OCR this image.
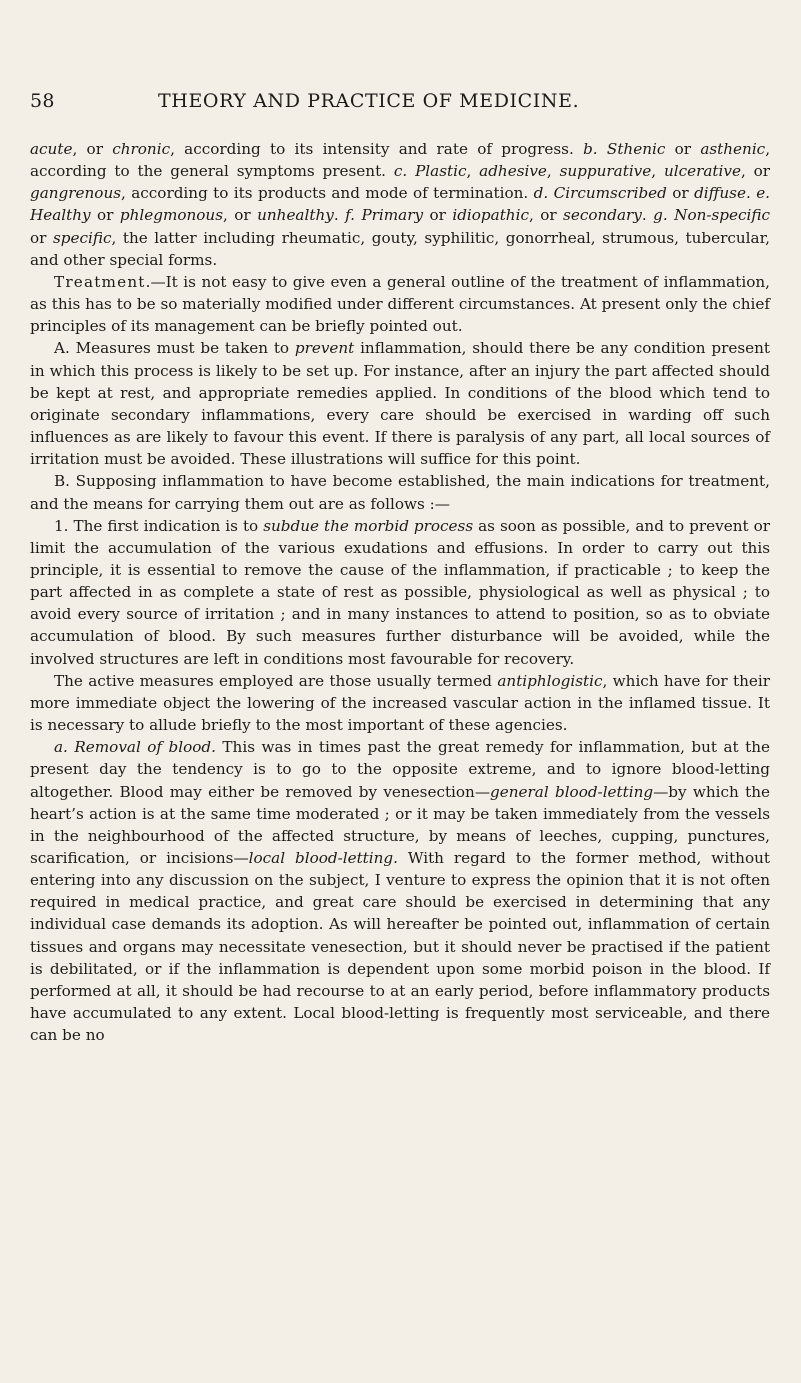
58	THEORY AND PRACTICE OF MEDICINE.

acute, or chronic, according to its intensity and rate of progress. b. Sthenic or asthenic, according to the general symptoms present. c. Plastic, adhesive, suppurative, ulcerative, or gangrenous, according to its products and mode of termination. d. Circumscribed or diffuse. e. Healthy or phlegmonous, or unhealthy. f. Primary or idiopathic, or secondary. g. Non-specific or specific, the latter including rheumatic, gouty, syphilitic, gonorrheal, strumous, tubercular, and other special forms.

Treatment.—It is not easy to give even a general outline of the treatment of inflammation, as this has to be so materially modified under different circumstances. At present only the chief principles of its management can be briefly pointed out.

A. Measures must be taken to prevent inflammation, should there be any condition present in which this process is likely to be set up. For instance, after an injury the part affected should be kept at rest, and appropriate remedies applied. In conditions of the blood which tend to originate secondary inflammations, every care should be exercised in warding off such influences as are likely to favour this event. If there is paralysis of any part, all local sources of irritation must be avoided. These illustrations will suffice for this point.

B. Supposing inflammation to have become established, the main indications for treatment, and the means for carrying them out are as follows :—

1. The first indication is to subdue the morbid process as soon as possible, and to prevent or limit the accumulation of the various exudations and effusions. In order to carry out this principle, it is essential to remove the cause of the inflammation, if practicable ; to keep the part affected in as complete a state of rest as possible, physiological as well as physical ; to avoid every source of irritation ; and in many instances to attend to position, so as to obviate accumulation of blood. By such measures further disturbance will be avoided, while the involved structures are left in conditions most favourable for recovery.

The active measures employed are those usually termed antiphlogistic, which have for their more immediate object the lowering of the increased vascular action in the inflamed tissue. It is necessary to allude briefly to the most important of these agencies.

a. Removal of blood. This was in times past the great remedy for inflammation, but at the present day the tendency is to go to the opposite extreme, and to ignore blood-letting altogether. Blood may either be removed by venesection—general blood-letting—by which the heart’s action is at the same time moderated ; or it may be taken immediately from the vessels in the neighbourhood of the affected structure, by means of leeches, cupping, punctures, scarification, or incisions—local blood-letting. With regard to the former method, without entering into any discussion on the subject, I venture to express the opinion that it is not often required in medical practice, and great care should be exercised in determining that any individual case demands its adoption. As will hereafter be pointed out, inflammation of certain tissues and organs may necessitate venesection, but it should never be practised if the patient is debilitated, or if the inflammation is dependent upon some morbid poison in the blood. If performed at all, it should be had recourse to at an early period, before inflammatory products have accumulated to any extent. Local blood-letting is frequently most serviceable, and there can be no
